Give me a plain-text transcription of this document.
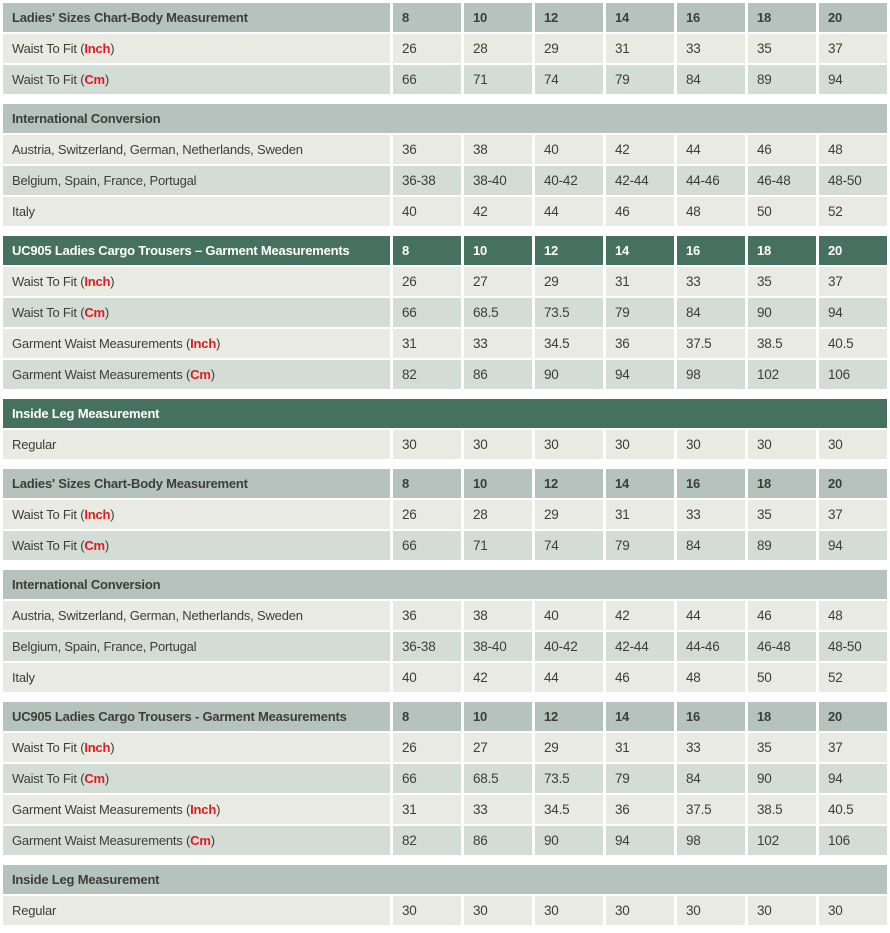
Ladies' Sizes Chart-Body Measurement	8	10	12	14	16	18	20
Waist To Fit (Inch)	26	28	29	31	33	35	37
Waist To Fit (Cm)	66	71	74	79	84	89	94
International Conversion							
Austria, Switzerland, German, Netherlands, Sweden	36	38	40	42	44	46	48
Belgium, Spain, France, Portugal	36-38	38-40	40-42	42-44	44-46	46-48	48-50
Italy	40	42	44	46	48	50	52
UC905 Ladies Cargo Trousers – Garment Measurements	8	10	12	14	16	18	20
Waist To Fit (Inch)	26	27	29	31	33	35	37
Waist To Fit (Cm)	66	68.5	73.5	79	84	90	94
Garment Waist Measurements (Inch)	31	33	34.5	36	37.5	38.5	40.5
Garment Waist Measurements (Cm)	82	86	90	94	98	102	106
Inside Leg Measurement
Regular	30	30	30	30	30	30	30
Ladies' Sizes Chart-Body Measurement	8	10	12	14	16	18	20
Waist To Fit (Inch)	26	28	29	31	33	35	37
Waist To Fit (Cm)	66	71	74	79	84	89	94
International Conversion							
Austria, Switzerland, German, Netherlands, Sweden	36	38	40	42	44	46	48
Belgium, Spain, France, Portugal	36-38	38-40	40-42	42-44	44-46	46-48	48-50
Italy	40	42	44	46	48	50	52
UC905 Ladies Cargo Trousers - Garment Measurements	8	10	12	14	16	18	20
Waist To Fit (Inch)	26	27	29	31	33	35	37
Waist To Fit (Cm)	66	68.5	73.5	79	84	90	94
Garment Waist Measurements (Inch)	31	33	34.5	36	37.5	38.5	40.5
Garment Waist Measurements (Cm)	82	86	90	94	98	102	106
Inside Leg Measurement
Regular	30	30	30	30	30	30	30
